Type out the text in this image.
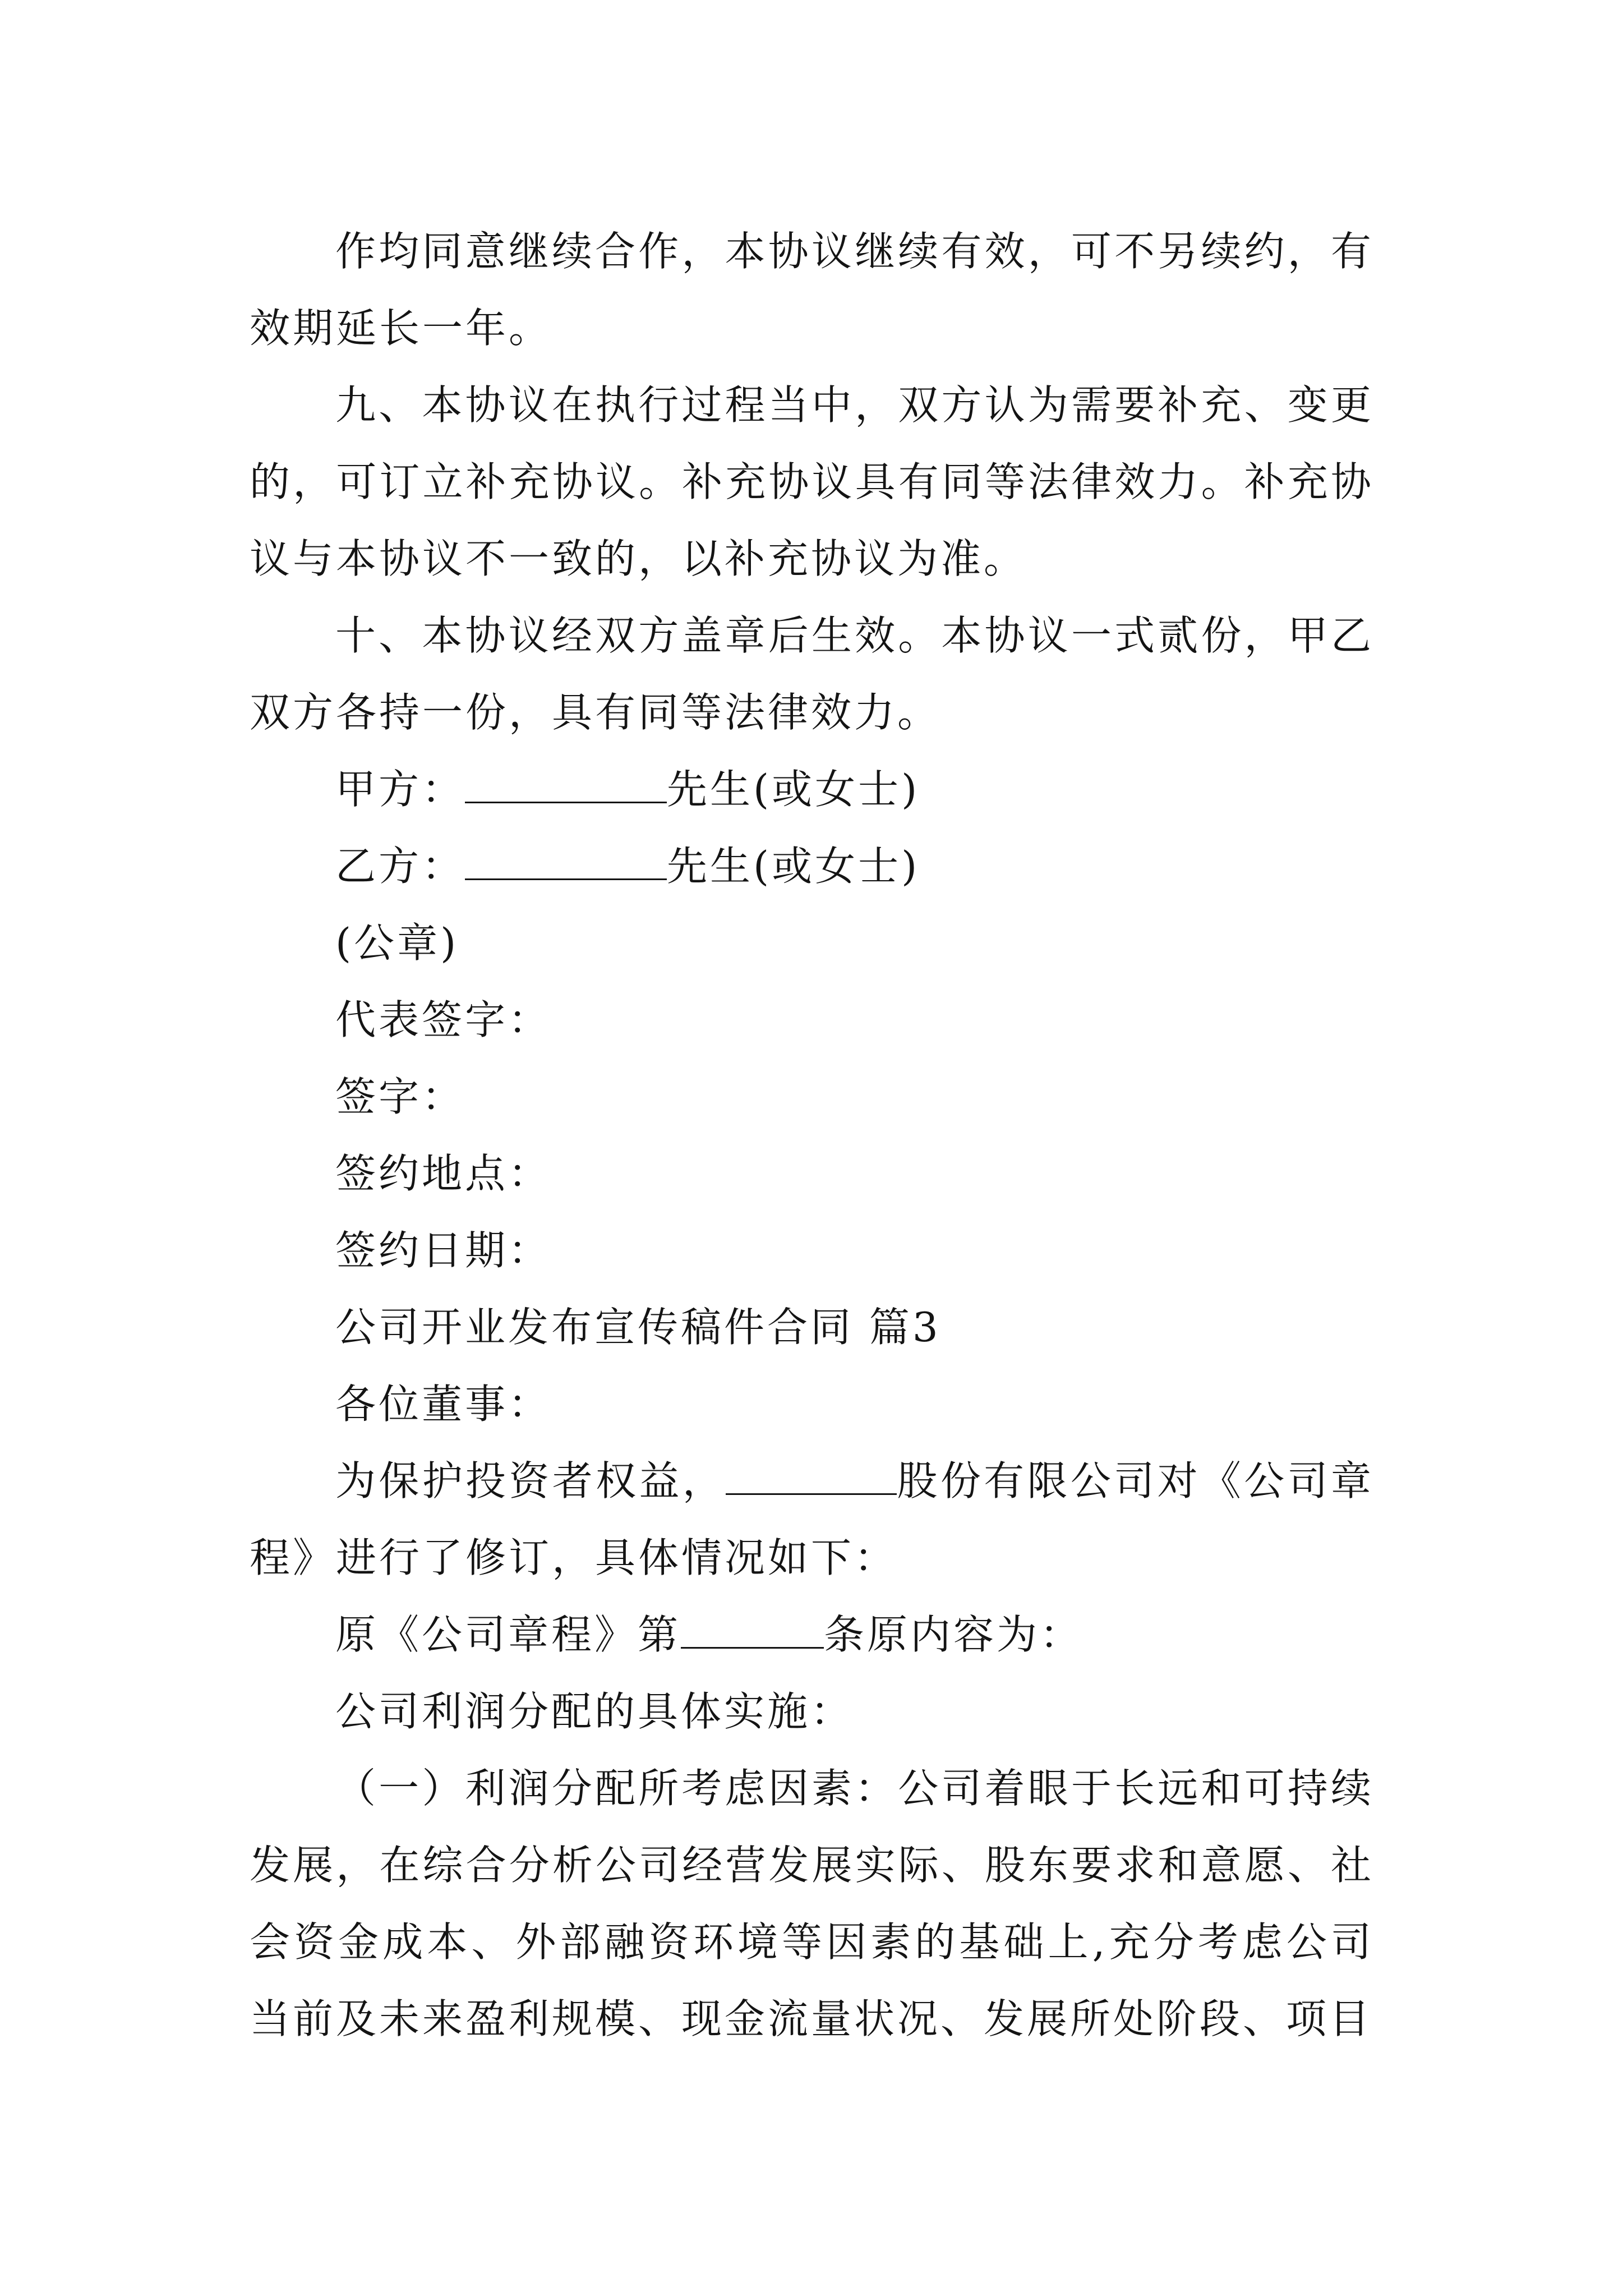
作均同意继续合作，本协议继续有效，可不另续约，有效期延长一年。

九、本协议在执行过程当中，双方认为需要补充、变更的，可订立补充协议。补充协议具有同等法律效力。补充协议与本协议不一致的，以补充协议为准。

十、本协议经双方盖章后生效。本协议一式贰份，甲乙双方各持一份，具有同等法律效力。

甲方：	先生(或女士)

乙方：	先生(或女士)

(公章)

代表签字：

签字：

签约地点：

签约日期：

公司开业发布宣传稿件合同 篇3

各位董事：

为保护投资者权益，	股份有限公司对《公司章程》进行了修订，具体情况如下：

原《公司章程》第	条原内容为：

公司利润分配的具体实施：

（一）利润分配所考虑因素：公司着眼于长远和可持续发展，在综合分析公司经营发展实际、股东要求和意愿、社会资金成本、外部融资环境等因素的基础上,充分考虑公司当前及未来盈利规模、现金流量状况、发展所处阶段、项目
